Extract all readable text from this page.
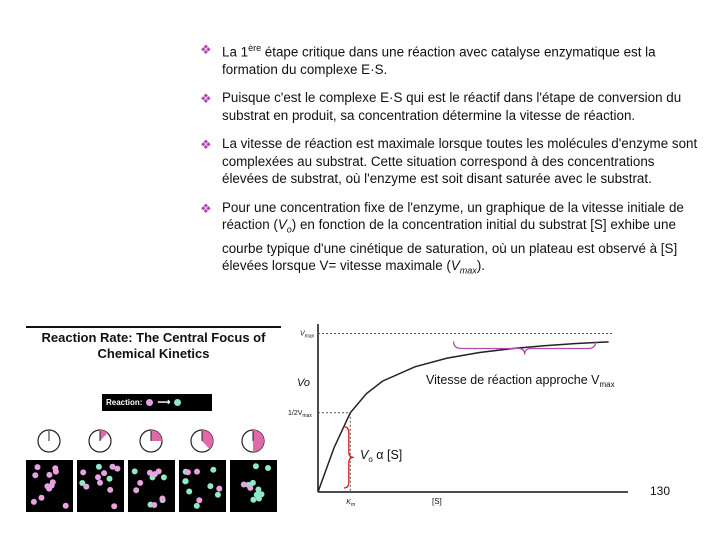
❖ La 1ère étape critique dans une réaction avec catalyse enzymatique est la formation du complexe E·S.
❖ Puisque c'est le complexe E·S qui est le réactif dans l'étape de conversion du substrat en produit, sa concentration détermine la vitesse de réaction.
❖ La vitesse de réaction est maximale lorsque toutes les molécules d'enzyme sont complexées au substrat. Cette situation correspond à des concentrations élevées de substrat, où l'enzyme est soit disant saturée avec le substrat.
❖ Pour une concentration fixe de l'enzyme, un graphique de la vitesse initiale de réaction $(V_o)$ en fonction de la concentration initial du substrat [S] exhibe une courbe typique d'une cinétique de saturation, où un plateau est observé à [S] élevées lorsque V= vitesse maximale $(V_{max})$.
Reaction Rate: The Central Focus of
Chemical Kinetics
Reaction: ⟶
$V_{max}$
$1/2V_{max}$
Vo
$K_m$	[S]
Vitesse de réaction approche $V_{max}$
$V_o$ α [S]
130
